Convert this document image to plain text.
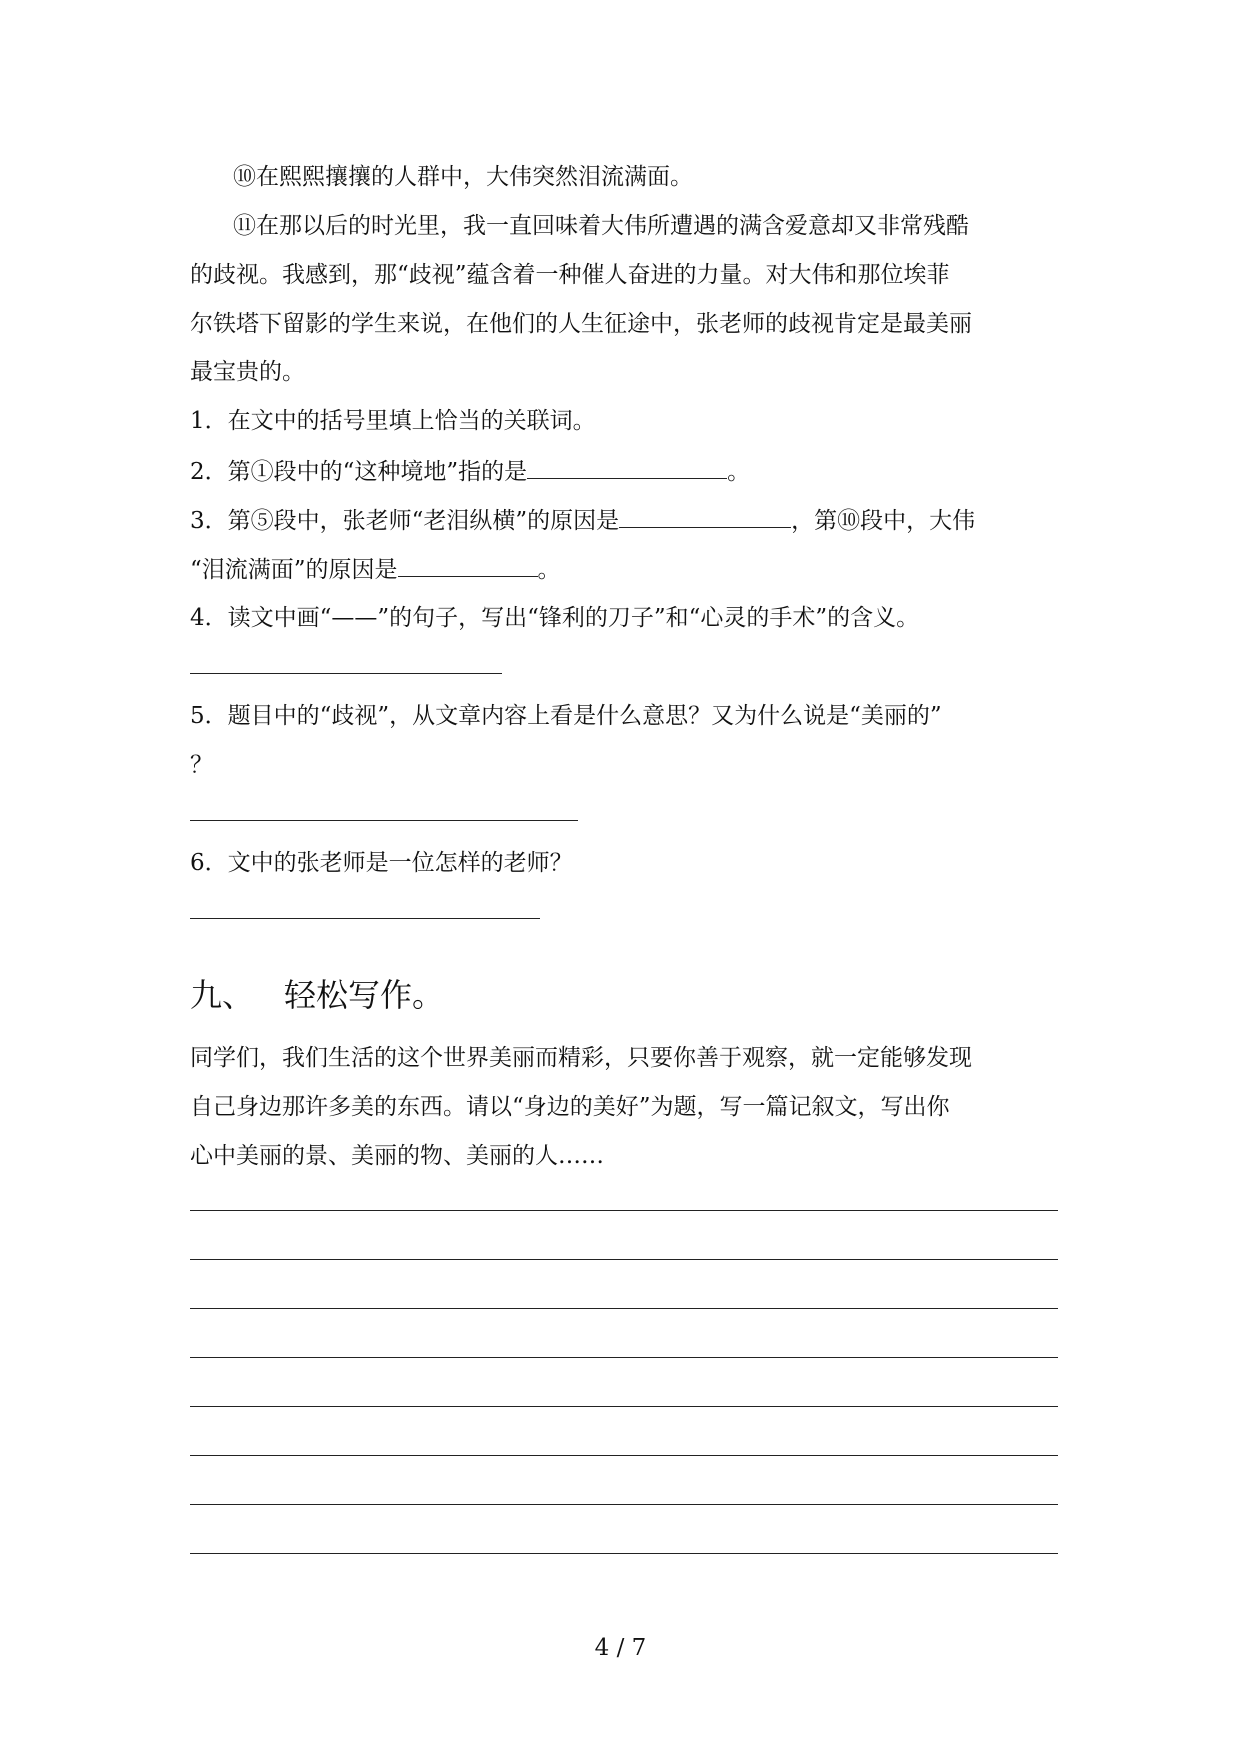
⑩在熙熙攘攘的人群中，大伟突然泪流满面。
⑪在那以后的时光里，我一直回味着大伟所遭遇的满含爱意却又非常残酷
的歧视。我感到，那“歧视”蕴含着一种催人奋进的力量。对大伟和那位埃菲
尔铁塔下留影的学生来说，在他们的人生征途中，张老师的歧视肯定是最美丽
最宝贵的。
1．在文中的括号里填上恰当的关联词。
2．第①段中的“这种境地”指的是	。
3．第⑤段中，张老师“老泪纵横”的原因是	，第⑩段中，大伟
“泪流满面”的原因是	。
4．读文中画“——”的句子，写出“锋利的刀子”和“心灵的手术”的含义。
5．题目中的“歧视”，从文章内容上看是什么意思？又为什么说是“美丽的”
？
6．文中的张老师是一位怎样的老师？
九、 轻松写作。
同学们，我们生活的这个世界美丽而精彩，只要你善于观察，就一定能够发现
自己身边那许多美的东西。请以“身边的美好”为题，写一篇记叙文，写出你
心中美丽的景、美丽的物、美丽的人……
4 / 7
